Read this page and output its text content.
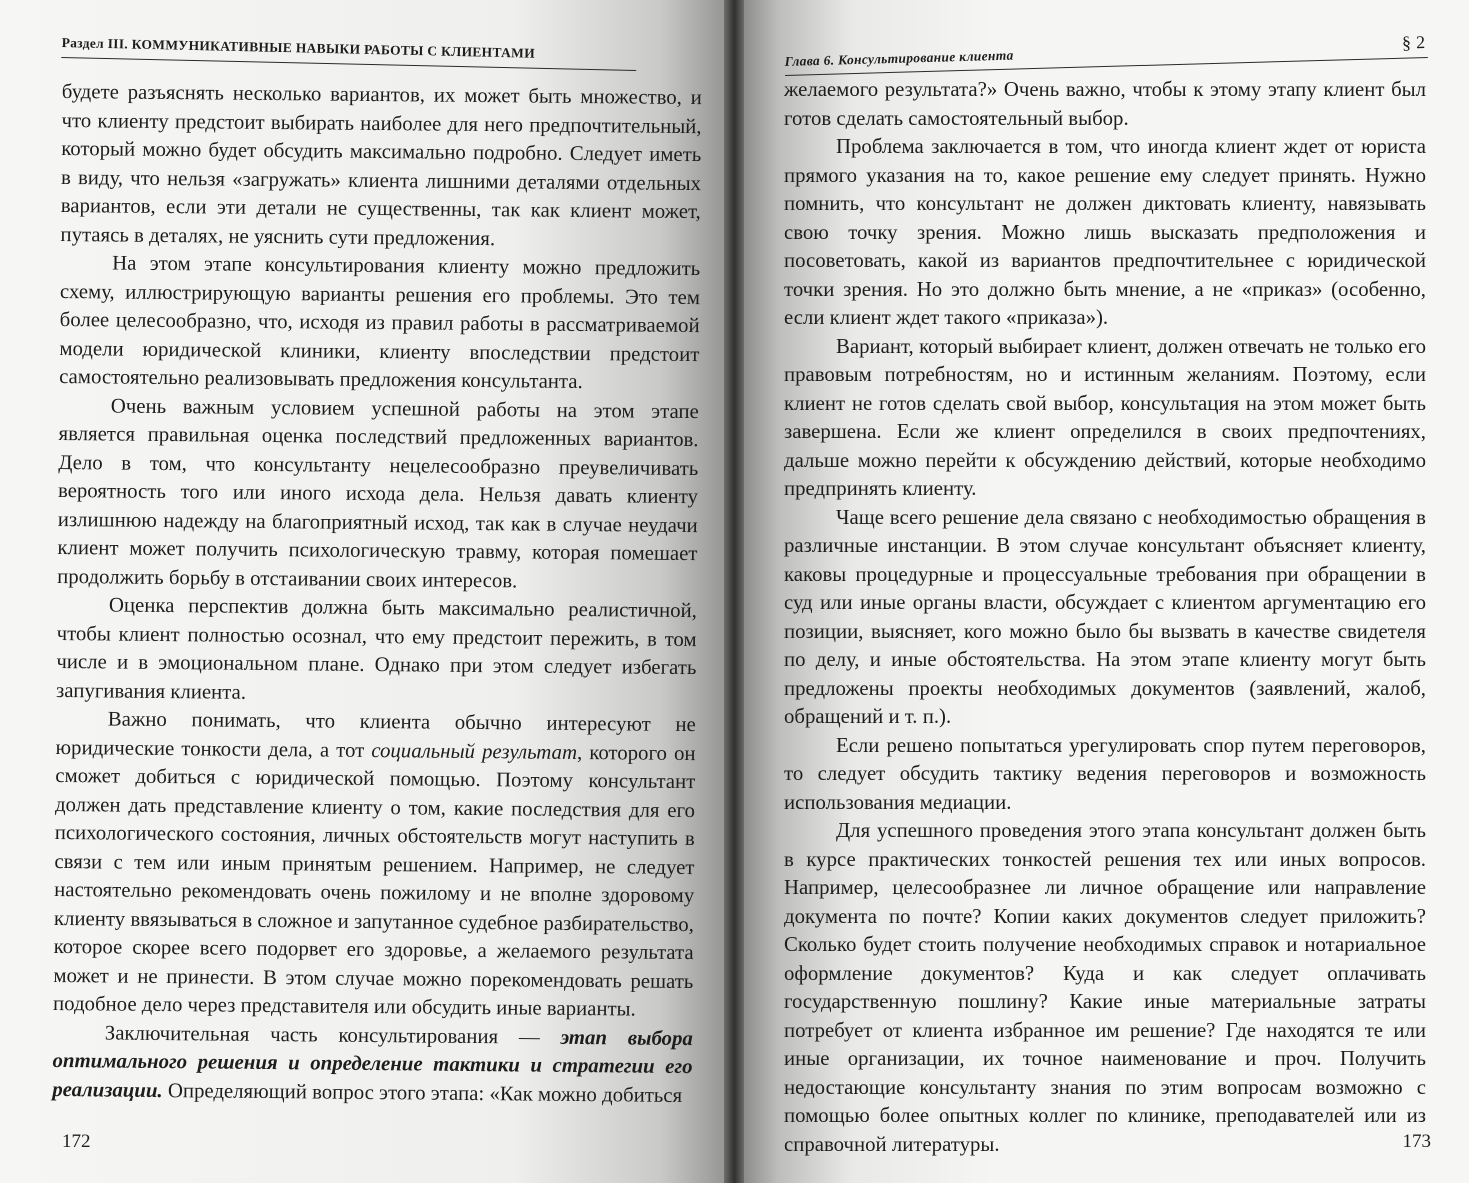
Раздел III. КОММУНИКАТИВНЫЕ НАВЫКИ РАБОТЫ С КЛИЕНТАМИ

будете разъяснять несколько вариантов, их может быть множество, и что клиенту предстоит выбирать наиболее для него предпочтительный, который можно будет обсудить максимально подробно. Следует иметь в виду, что нельзя «загружать» клиента лишними деталями отдельных вариантов, если эти детали не существенны, так как клиент может, путаясь в деталях, не уяснить сути предложения.

На этом этапе консультирования клиенту можно предложить схему, иллюстрирующую варианты решения его проблемы. Это тем более целесообразно, что, исходя из правил работы в рассматриваемой модели юридической клиники, клиенту впоследствии предстоит самостоятельно реализовывать предложения консультанта.

Очень важным условием успешной работы на этом этапе является правильная оценка последствий предложенных вариантов. Дело в том, что консультанту нецелесообразно преувеличивать вероятность того или иного исхода дела. Нельзя давать клиенту излишнюю надежду на благоприятный исход, так как в случае неудачи клиент может получить психологическую травму, которая помешает продолжить борьбу в отстаивании своих интересов.

Оценка перспектив должна быть максимально реалистичной, чтобы клиент полностью осознал, что ему предстоит пережить, в том числе и в эмоциональном плане. Однако при этом следует избегать запугивания клиента.

Важно понимать, что клиента обычно интересуют не юридические тонкости дела, а тот социальный результат, которого он сможет добиться с юридической помощью. Поэтому консультант должен дать представление клиенту о том, какие последствия для его психологического состояния, личных обстоятельств могут наступить в связи с тем или иным принятым решением. Например, не следует настоятельно рекомендовать очень пожилому и не вполне здоровому клиенту ввязываться в сложное и запутанное судебное разбирательство, которое скорее всего подорвет его здоровье, а желаемого результата может и не принести. В этом случае можно порекомендовать решать подобное дело через представителя или обсудить иные варианты.

Заключительная часть консультирования — этап выбора оптимального решения и определение тактики и стратегии его реализации. Определяющий вопрос этого этапа: «Как можно добиться

172
Глава 6. Консультирование клиента
§ 2

желаемого результата?» Очень важно, чтобы к этому этапу клиент был готов сделать самостоятельный выбор.

Проблема заключается в том, что иногда клиент ждет от юриста прямого указания на то, какое решение ему следует принять. Нужно помнить, что консультант не должен диктовать клиенту, навязывать свою точку зрения. Можно лишь высказать предположения и посоветовать, какой из вариантов предпочтительнее с юридической точки зрения. Но это должно быть мнение, а не «приказ» (особенно, если клиент ждет такого «приказа»).

Вариант, который выбирает клиент, должен отвечать не только его правовым потребностям, но и истинным желаниям. Поэтому, если клиент не готов сделать свой выбор, консультация на этом может быть завершена. Если же клиент определился в своих предпочтениях, дальше можно перейти к обсуждению действий, которые необходимо предпринять клиенту.

Чаще всего решение дела связано с необходимостью обращения в различные инстанции. В этом случае консультант объясняет клиенту, каковы процедурные и процессуальные требования при обращении в суд или иные органы власти, обсуждает с клиентом аргументацию его позиции, выясняет, кого можно было бы вызвать в качестве свидетеля по делу, и иные обстоятельства. На этом этапе клиенту могут быть предложены проекты необходимых документов (заявлений, жалоб, обращений и т. п.).

Если решено попытаться урегулировать спор путем переговоров, то следует обсудить тактику ведения переговоров и возможность использования медиации.

Для успешного проведения этого этапа консультант должен быть в курсе практических тонкостей решения тех или иных вопросов. Например, целесообразнее ли личное обращение или направление документа по почте? Копии каких документов следует приложить? Сколько будет стоить получение необходимых справок и нотариальное оформление документов? Куда и как следует оплачивать государственную пошлину? Какие иные материальные затраты потребует от клиента избранное им решение? Где находятся те или иные организации, их точное наименование и проч. Получить недостающие консультанту знания по этим вопросам возможно с помощью более опытных коллег по клинике, преподавателей или из справочной литературы.	173
